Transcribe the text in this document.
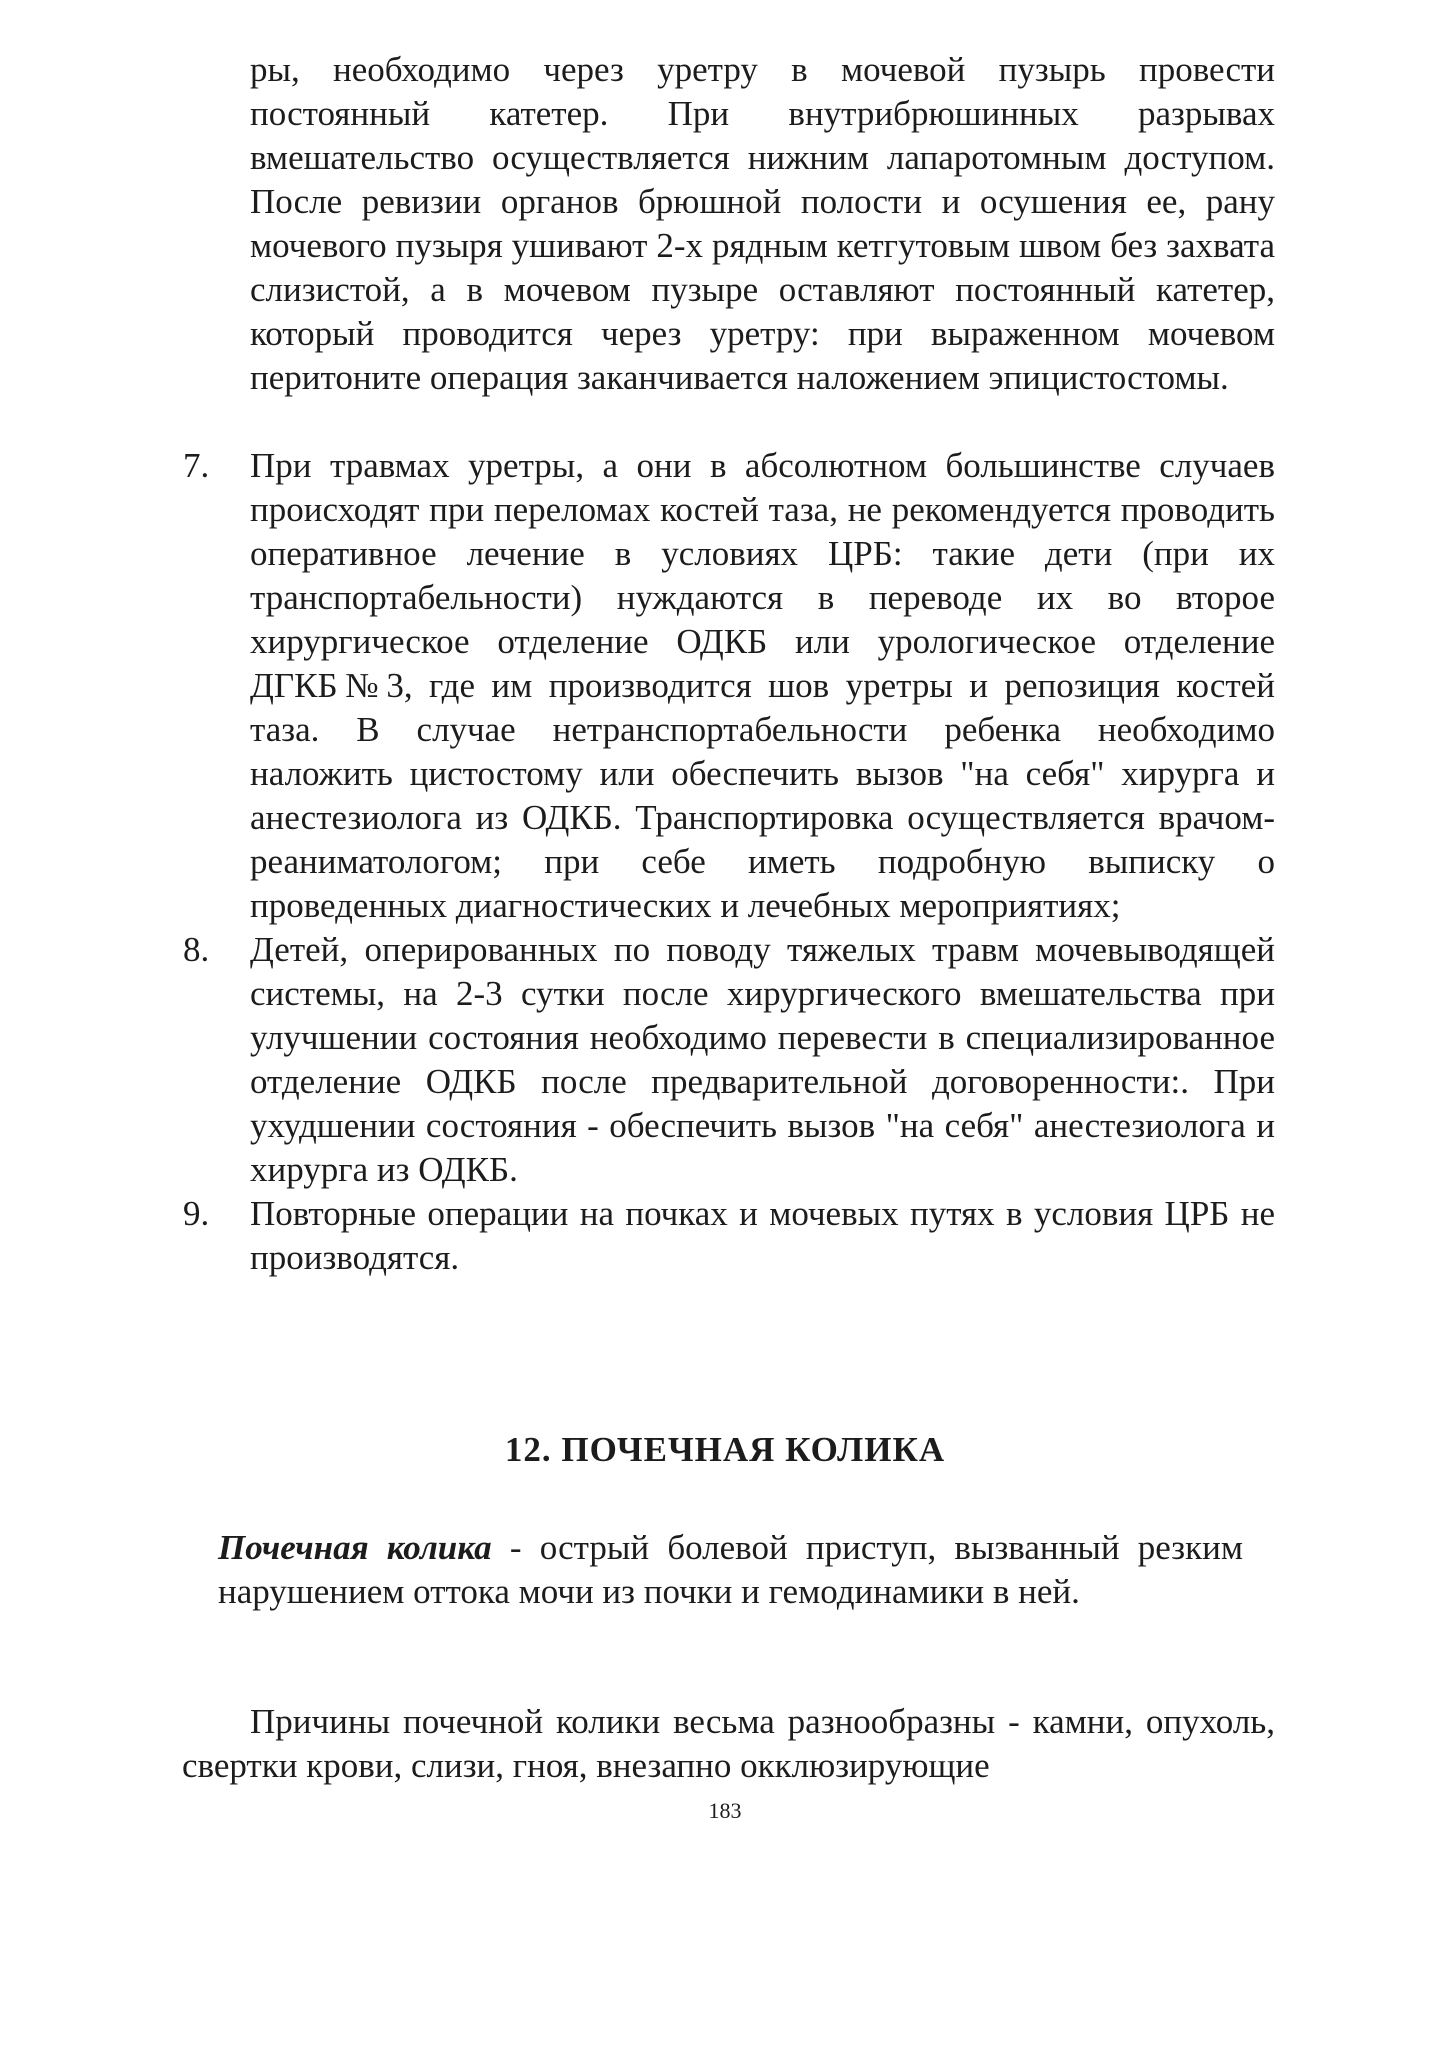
ры, необходимо через уретру в мочевой пузырь провести постоянный катетер. При внутрибрюшинных разрывах вмешательство осуществляется нижним лапаротомным доступом. После ревизии органов брюшной полости и осушения ее, рану мочевого пузыря ушивают 2-х рядным кетгутовым швом без захвата слизистой, а в мочевом пузыре оставляют постоянный катетер, который проводится через уретру: при выраженном мочевом перитоните операция заканчивается наложением эпицистостомы.

7. При травмах уретры, а они в абсолютном большинстве случаев происходят при переломах костей таза, не рекомендуется проводить оперативное лечение в условиях ЦРБ: такие дети (при их транспортабельности) нуждаются в переводе их во второе хирургическое отделение ОДКБ или урологическое отделение ДГКБ№3, где им производится шов уретры и репозиция костей таза. В случае нетранспортабельности ребенка необходимо наложить цистостому или обеспечить вызов "на себя" хирурга и анестезиолога из ОДКБ. Транспортировка осуществляется врачом-реаниматологом; при себе иметь подробную выписку о проведенных диагностических и лечебных мероприятиях;
8. Детей, оперированных по поводу тяжелых травм мочевыводящей системы, на 2-3 сутки после хирургического вмешательства при улучшении состояния необходимо перевести в специализированное отделение ОДКБ после предварительной договоренности:. При ухудшении состояния - обеспечить вызов "на себя" анестезиолога и хирурга из ОДКБ.
9. Повторные операции на почках и мочевых путях в условия ЦРБ не производятся.
12. ПОЧЕЧНАЯ КОЛИКА

Почечная колика - острый болевой приступ, вызванный резким нарушением оттока мочи из почки и гемодинамики в ней.

Причины почечной колики весьма разнообразны - камни, опухоль, свертки крови, слизи, гноя, внезапно окклюзирующие

183
